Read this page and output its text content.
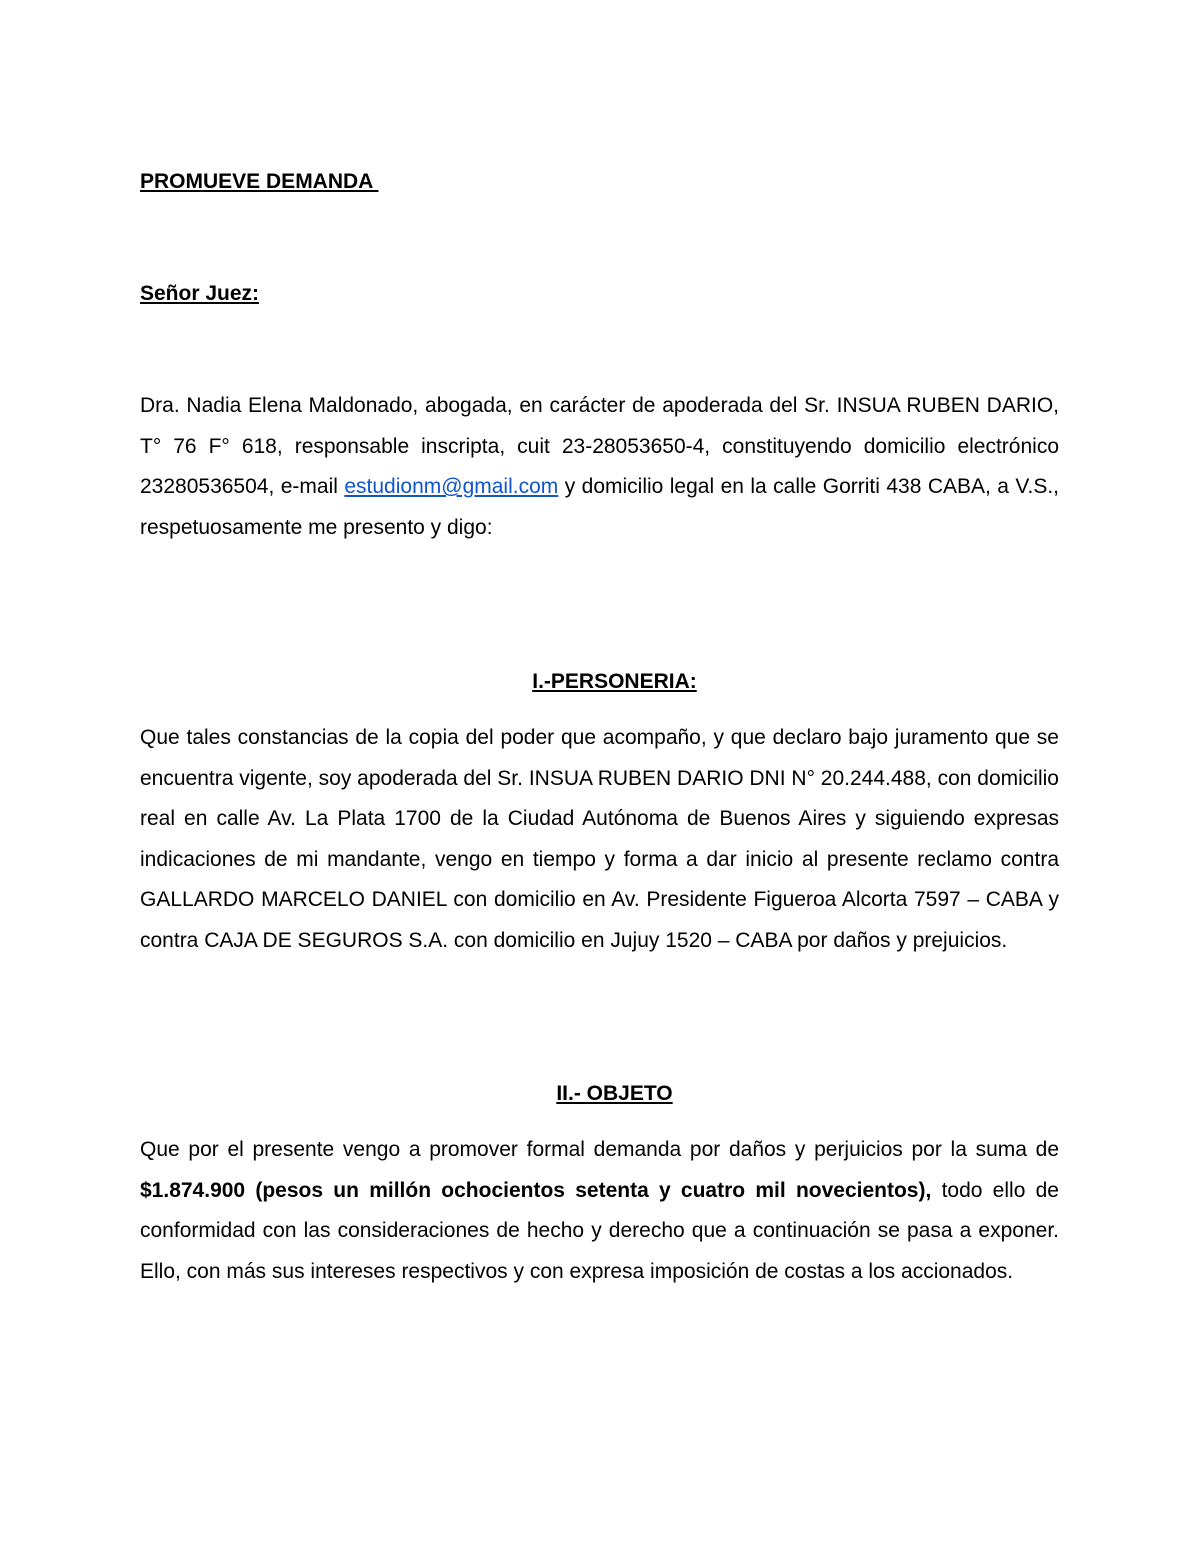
PROMUEVE DEMANDA
Señor Juez:

Dra. Nadia Elena Maldonado, abogada, en carácter de apoderada del Sr. INSUA RUBEN DARIO, T° 76 F° 618, responsable inscripta, cuit 23-28053650-4, constituyendo domicilio electrónico 23280536504, e-mail estudionm@gmail.com y domicilio legal en la calle Gorriti 438 CABA, a V.S., respetuosamente me presento y digo:

I.-PERSONERIA:

Que tales constancias de la copia del poder que acompaño, y que declaro bajo juramento que se encuentra vigente, soy apoderada del Sr. INSUA RUBEN DARIO DNI N° 20.244.488, con domicilio real en calle Av. La Plata 1700 de la Ciudad Autónoma de Buenos Aires y siguiendo expresas indicaciones de mi mandante, vengo en tiempo y forma a dar inicio al presente reclamo contra GALLARDO MARCELO DANIEL con domicilio en Av. Presidente Figueroa Alcorta 7597 – CABA y contra CAJA DE SEGUROS S.A. con domicilio en Jujuy 1520 – CABA por daños y prejuicios.

II.- OBJETO

Que por el presente vengo a promover formal demanda por daños y perjuicios por la suma de $1.874.900 (pesos un millón ochocientos setenta y cuatro mil novecientos), todo ello de conformidad con las consideraciones de hecho y derecho que a continuación se pasa a exponer. Ello, con más sus intereses respectivos y con expresa imposición de costas a los accionados.
